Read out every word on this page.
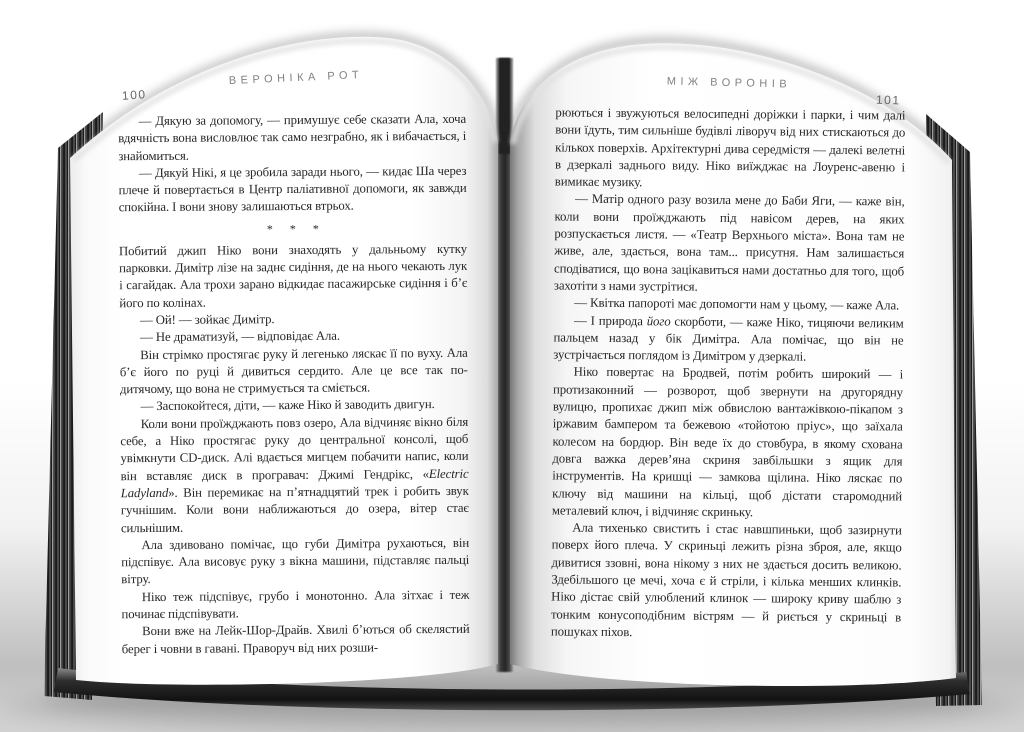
100
ВЕРОНІКА РОТ

— Дякую за допомогу, — примушує себе сказати Ала, хоча вдячність вона висловлює так само незграбно, як і вибачається, і знайомиться.

— Дякуй Нікі, я це зробила заради нього, — кидає Ша через плече й повертається в Центр паліативної допомоги, як завжди спокійна. І вони знову залишаються втрьох.

* * *

Побитий джип Ніко вони знаходять у дальньому кутку парковки. Димітр лізе на заднє сидіння, де на нього чекають лук і сагайдак. Ала трохи зарано відкидає пасажирське сидіння і б’є його по колінах.

— Ой! — зойкає Димітр.

— Не драматизуй, — відповідає Ала.

Він стрімко простягає руку й легенько ляскає її по вуху. Ала б’є його по руці й дивиться сердито. Але це все так по-дитячому, що вона не стримується та сміється.

— Заспокойтеся, діти, — каже Ніко й заводить двигун.

Коли вони проїжджають повз озеро, Ала відчиняє вікно біля себе, а Ніко простягає руку до центральної консолі, щоб увімкнути CD-диск. Алі вдається мигцем побачити напис, коли він вставляє диск в програвач: Джимі Гендрікс, «Electric Ladyland». Він перемикає на п’ятнадцятий трек і робить звук гучнішим. Коли вони наближаються до озера, вітер стає сильнішим.

Ала здивовано помічає, що губи Димітра рухаються, він підспівує. Ала висовує руку з вікна машини, підставляє пальці вітру.

Ніко теж підспівує, грубо і монотонно. Ала зітхає і теж починає підспівувати.

Вони вже на Лейк-Шор-Драйв. Хвилі б’ються об скелястий берег і човни в гавані. Праворуч від них розши-

МІЖ ВОРОНІВ
101

рюються і звужуються велосипедні доріжки і парки, і чим далі вони їдуть, тим сильніше будівлі ліворуч від них стискаються до кількох поверхів. Архітектурні дива середмістя — далекі велетні в дзеркалі заднього виду. Ніко виїжджає на Лоуренс-авеню і вимикає музику.

— Матір одного разу возила мене до Баби Яги, — каже він, коли вони проїжджають під навісом дерев, на яких розпускається листя. — «Театр Верхнього міста». Вона там не живе, але, здається, вона там... присутня. Нам залишається сподіватися, що вона зацікавиться нами достатньо для того, щоб захотіти з нами зустрітися.

— Квітка папороті має допомогти нам у цьому, — каже Ала.

— І природа його скорботи, — каже Ніко, тицяючи великим пальцем назад у бік Димітра. Ала помічає, що він не зустрічається поглядом із Димітром у дзеркалі.

Ніко повертає на Бродвей, потім робить широкий — і протизаконний — розворот, щоб звернути на другорядну вулицю, пропихає джип між обвислою вантажівкою-пікапом з іржавим бампером та бежевою «тойотою пріус», що заїхала колесом на бордюр. Він веде їх до стовбура, в якому схована довга важка дерев’яна скриня завбільшки з ящик для інструментів. На кришці — замкова щілина. Ніко ляскає по ключу від машини на кільці, щоб дістати старомодний металевий ключ, і відчиняє скриньку.

Ала тихенько свистить і стає навшпиньки, щоб зазирнути поверх його плеча. У скриньці лежить різна зброя, але, якщо дивитися ззовні, вона нікому з них не здається досить великою. Здебільшого це мечі, хоча є й стріли, і кілька менших клинків. Ніко дістає свій улюблений клинок — широку криву шаблю з тонким конусоподібним вістрям — й риється у скриньці в пошуках піхов.
